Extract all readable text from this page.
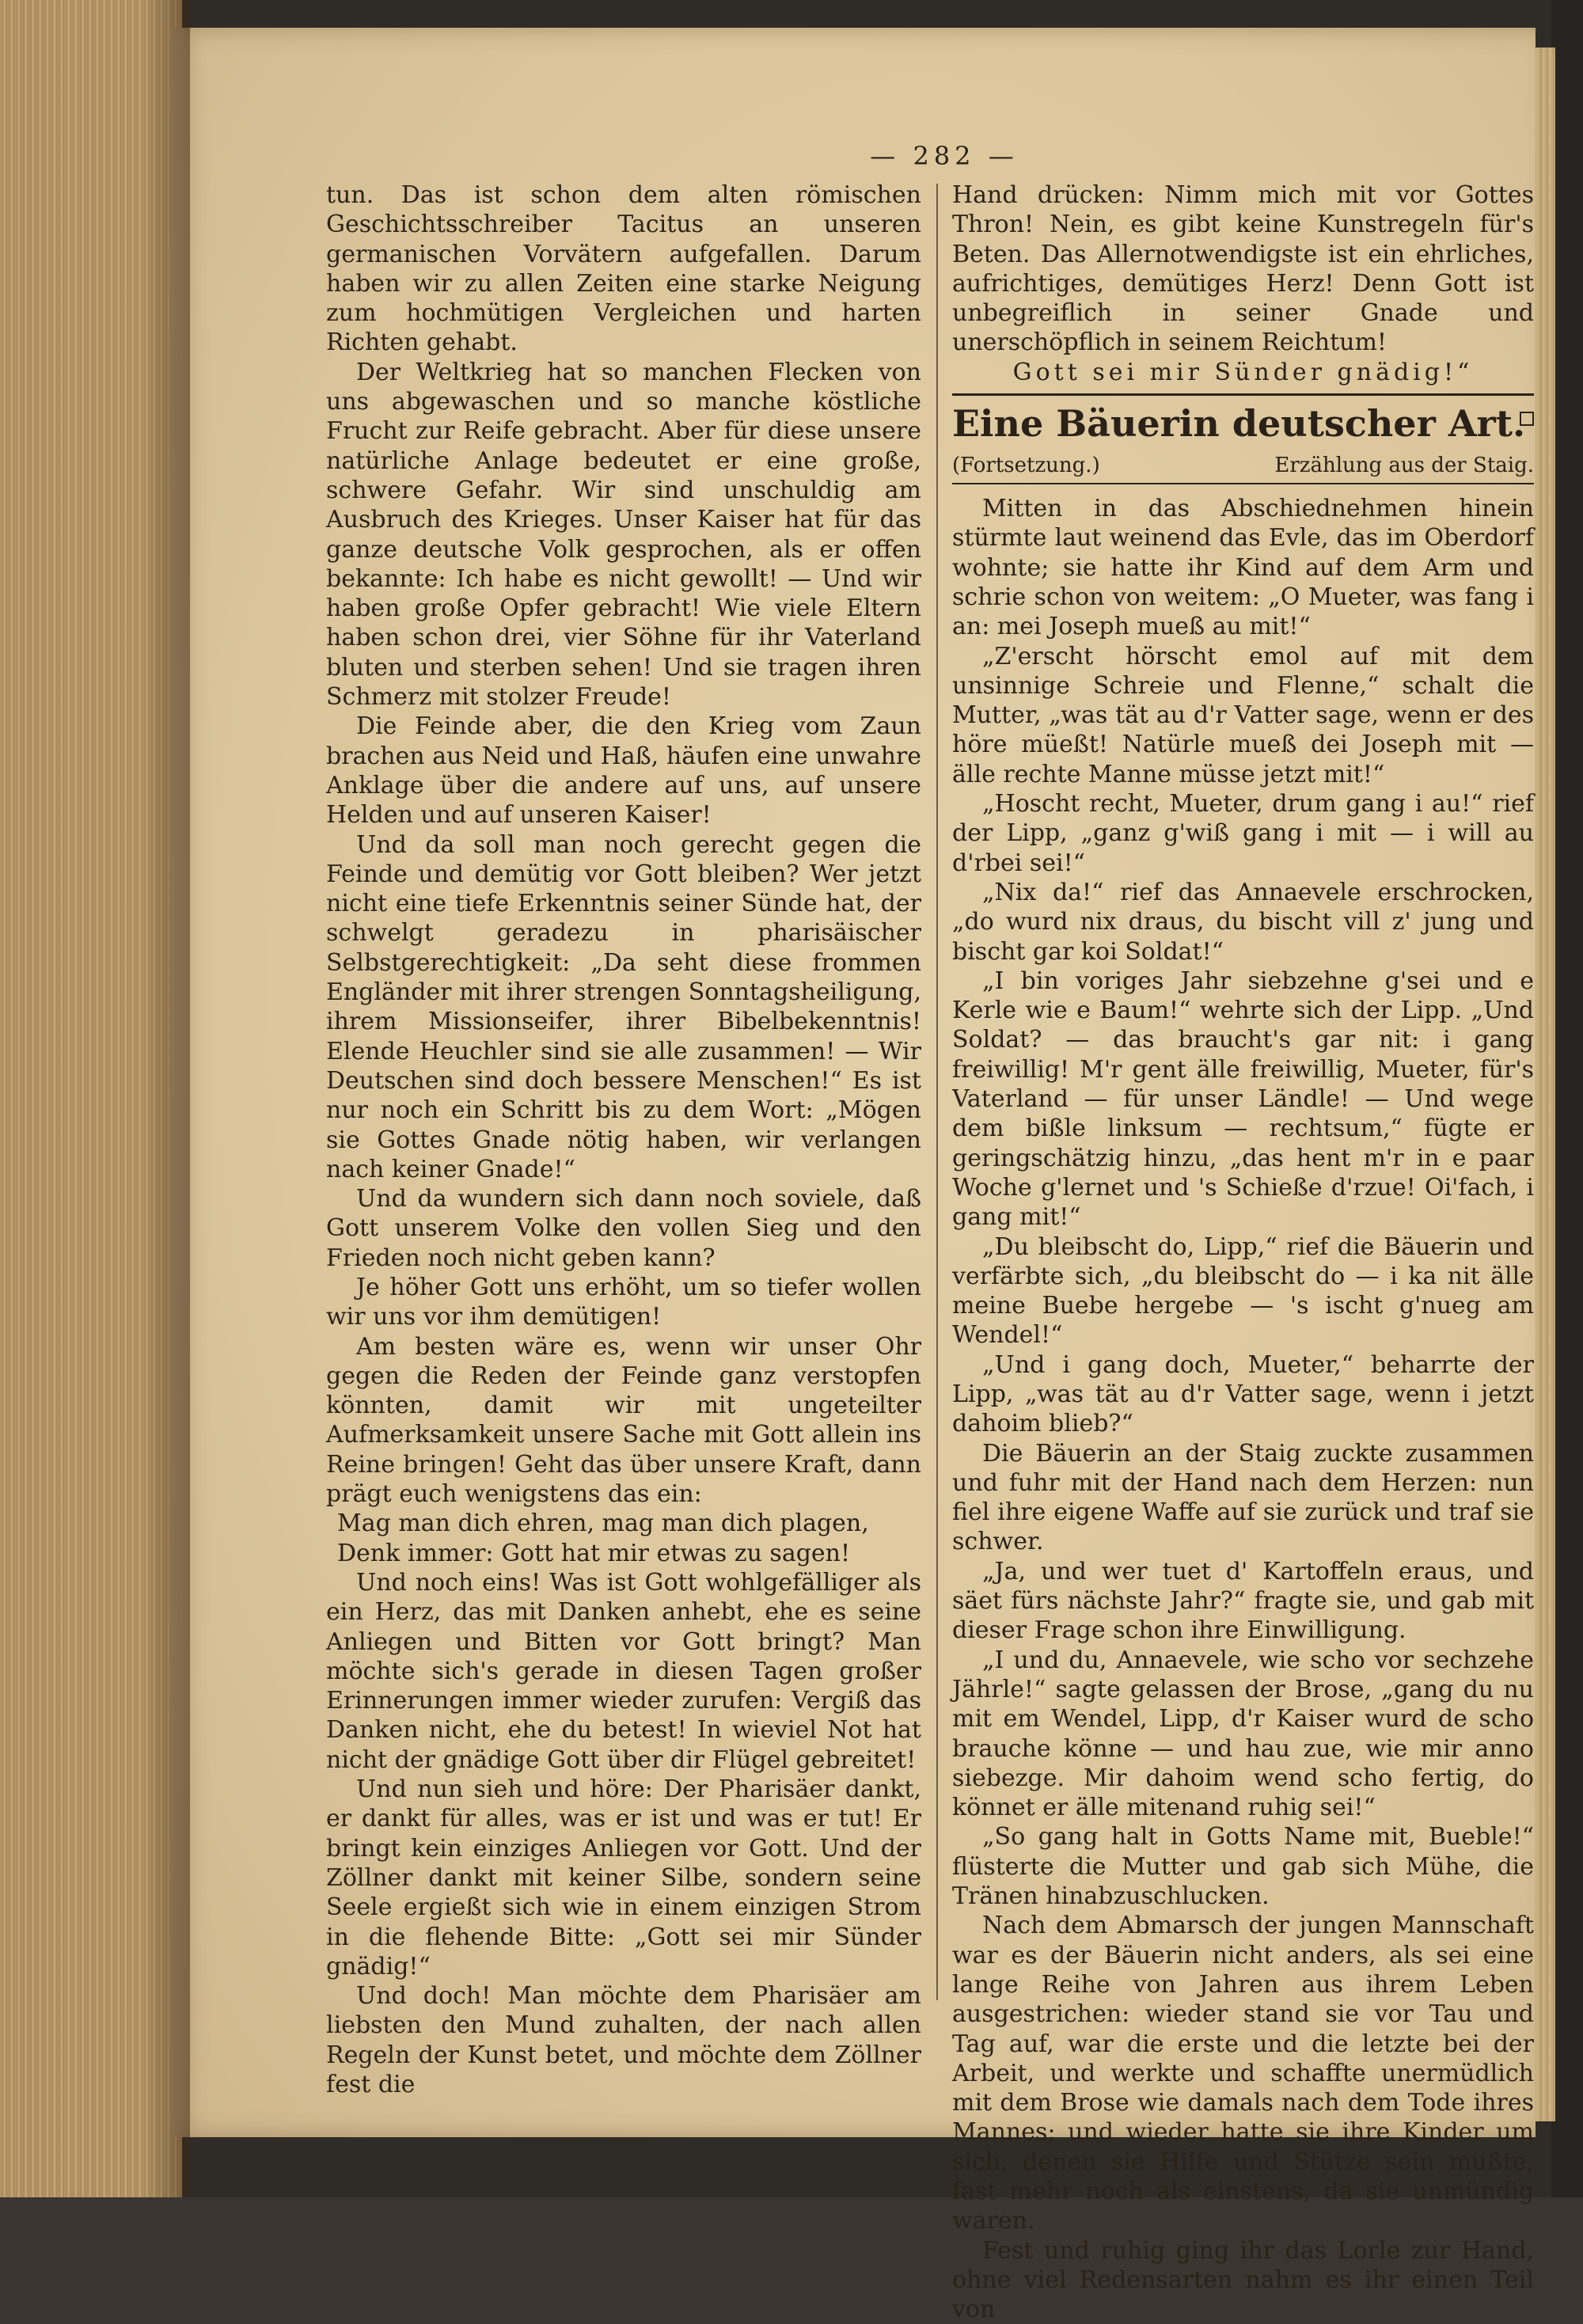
— 282 —

tun. Das ist schon dem alten römischen Geschichtsschreiber Tacitus an unseren germanischen Vorvätern aufgefallen. Darum haben wir zu allen Zeiten eine starke Neigung zum hochmütigen Vergleichen und harten Richten gehabt.

Der Weltkrieg hat so manchen Flecken von uns abgewaschen und so manche köstliche Frucht zur Reife gebracht. Aber für diese unsere natürliche Anlage bedeutet er eine große, schwere Gefahr. Wir sind unschuldig am Ausbruch des Krieges. Unser Kaiser hat für das ganze deutsche Volk gesprochen, als er offen bekannte: Ich habe es nicht gewollt! — Und wir haben große Opfer gebracht! Wie viele Eltern haben schon drei, vier Söhne für ihr Vaterland bluten und sterben sehen! Und sie tragen ihren Schmerz mit stolzer Freude!

Die Feinde aber, die den Krieg vom Zaun brachen aus Neid und Haß, häufen eine unwahre Anklage über die andere auf uns, auf unsere Helden und auf unseren Kaiser!

Und da soll man noch gerecht gegen die Feinde und demütig vor Gott bleiben? Wer jetzt nicht eine tiefe Erkenntnis seiner Sünde hat, der schwelgt geradezu in pharisäischer Selbstgerechtigkeit: „Da seht diese frommen Engländer mit ihrer strengen Sonntagsheiligung, ihrem Missionseifer, ihrer Bibelbekenntnis! Elende Heuchler sind sie alle zusammen! — Wir Deutschen sind doch bessere Menschen!“ Es ist nur noch ein Schritt bis zu dem Wort: „Mögen sie Gottes Gnade nötig haben, wir verlangen nach keiner Gnade!“

Und da wundern sich dann noch soviele, daß Gott unserem Volke den vollen Sieg und den Frieden noch nicht geben kann?

Je höher Gott uns erhöht, um so tiefer wollen wir uns vor ihm demütigen!

Am besten wäre es, wenn wir unser Ohr gegen die Reden der Feinde ganz verstopfen könnten, damit wir mit ungeteilter Aufmerksamkeit unsere Sache mit Gott allein ins Reine bringen! Geht das über unsere Kraft, dann prägt euch wenigstens das ein:

Mag man dich ehren, mag man dich plagen,

Denk immer: Gott hat mir etwas zu sagen!

Und noch eins! Was ist Gott wohlgefälliger als ein Herz, das mit Danken anhebt, ehe es seine Anliegen und Bitten vor Gott bringt? Man möchte sich's gerade in diesen Tagen großer Erinnerungen immer wieder zurufen: Vergiß das Danken nicht, ehe du betest! In wieviel Not hat nicht der gnädige Gott über dir Flügel gebreitet!

Und nun sieh und höre: Der Pharisäer dankt, er dankt für alles, was er ist und was er tut! Er bringt kein einziges Anliegen vor Gott. Und der Zöllner dankt mit keiner Silbe, sondern seine Seele ergießt sich wie in einem einzigen Strom in die flehende Bitte: „Gott sei mir Sünder gnädig!“

Und doch! Man möchte dem Pharisäer am liebsten den Mund zuhalten, der nach allen Regeln der Kunst betet, und möchte dem Zöllner fest die

Hand drücken: Nimm mich mit vor Gottes Thron! Nein, es gibt keine Kunstregeln für's Beten. Das Allernotwendigste ist ein ehrliches, aufrichtiges, demütiges Herz! Denn Gott ist unbegreiflich in seiner Gnade und unerschöpflich in seinem Reichtum!

Gott sei mir Sünder gnädig!“

Eine Bäuerin deutscher Art.
(Fortsetzung.)	Erzählung aus der Staig.

Mitten in das Abschiednehmen hinein stürmte laut weinend das Evle, das im Oberdorf wohnte; sie hatte ihr Kind auf dem Arm und schrie schon von weitem: „O Mueter, was fang i an: mei Joseph mueß au mit!“

„Z'erscht hörscht emol auf mit dem unsinnige Schreie und Flenne,“ schalt die Mutter, „was tät au d'r Vatter sage, wenn er des höre müeßt! Natürle mueß dei Joseph mit — älle rechte Manne müsse jetzt mit!“

„Hoscht recht, Mueter, drum gang i au!“ rief der Lipp, „ganz g'wiß gang i mit — i will au d'rbei sei!“

„Nix da!“ rief das Annaevele erschrocken, „do wurd nix draus, du bischt vill z' jung und bischt gar koi Soldat!“

„I bin voriges Jahr siebzehne g'sei und e Kerle wie e Baum!“ wehrte sich der Lipp. „Und Soldat? — das braucht's gar nit: i gang freiwillig! M'r gent älle freiwillig, Mueter, für's Vaterland — für unser Ländle! — Und wege dem bißle linksum — rechtsum,“ fügte er geringschätzig hinzu, „das hent m'r in e paar Woche g'lernet und 's Schieße d'rzue! Oi'fach, i gang mit!“

„Du bleibscht do, Lipp,“ rief die Bäuerin und verfärbte sich, „du bleibscht do — i ka nit älle meine Buebe hergebe — 's ischt g'nueg am Wendel!“

„Und i gang doch, Mueter,“ beharrte der Lipp, „was tät au d'r Vatter sage, wenn i jetzt dahoim blieb?“

Die Bäuerin an der Staig zuckte zusammen und fuhr mit der Hand nach dem Herzen: nun fiel ihre eigene Waffe auf sie zurück und traf sie schwer.

„Ja, und wer tuet d' Kartoffeln eraus, und säet fürs nächste Jahr?“ fragte sie, und gab mit dieser Frage schon ihre Einwilligung.

„I und du, Annaevele, wie scho vor sechzehe Jährle!“ sagte gelassen der Brose, „gang du nu mit em Wendel, Lipp, d'r Kaiser wurd de scho brauche könne — und hau zue, wie mir anno siebezge. Mir dahoim wend scho fertig, do könnet er älle mitenand ruhig sei!“

„So gang halt in Gotts Name mit, Bueble!“ flüsterte die Mutter und gab sich Mühe, die Tränen hinabzuschlucken.

Nach dem Abmarsch der jungen Mannschaft war es der Bäuerin nicht anders, als sei eine lange Reihe von Jahren aus ihrem Leben ausgestrichen: wieder stand sie vor Tau und Tag auf, war die erste und die letzte bei der Arbeit, und werkte und schaffte unermüdlich mit dem Brose wie damals nach dem Tode ihres Mannes; und wieder hatte sie ihre Kinder um sich, denen sie Hilfe und Stütze sein mußte, fast mehr noch als einstens, da sie unmündig waren.

Fest und ruhig ging ihr das Lorle zur Hand, ohne viel Redensarten nahm es ihr einen Teil von
